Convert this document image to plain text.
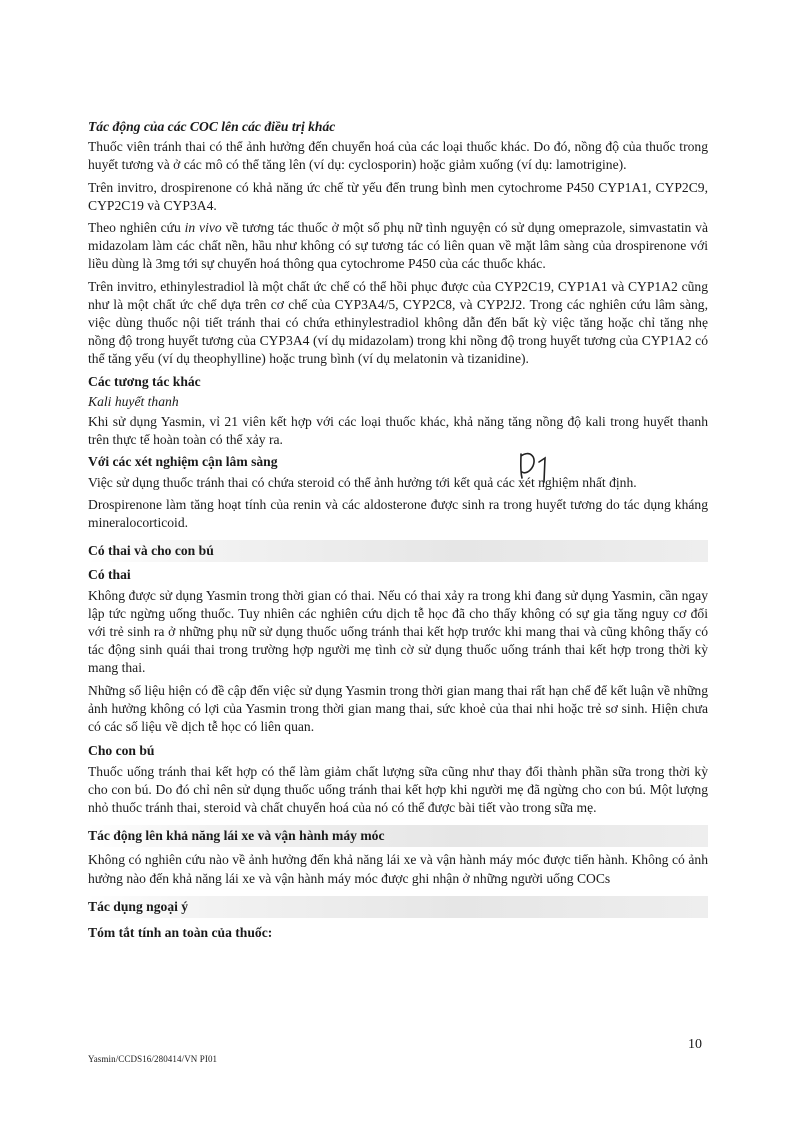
Tác động của các COC lên các điều trị khác

Thuốc viên tránh thai có thể ảnh hưởng đến chuyển hoá của các loại thuốc khác. Do đó, nồng độ của thuốc trong huyết tương và ở các mô có thể tăng lên (ví dụ: cyclosporin) hoặc giảm xuống (ví dụ: lamotrigine).

Trên invitro, drospirenone có khả năng ức chế từ yếu đến trung bình men cytochrome P450 CYP1A1, CYP2C9, CYP2C19 và CYP3A4.

Theo nghiên cứu in vivo về tương tác thuốc ở một số phụ nữ tình nguyện có sử dụng omeprazole, simvastatin và midazolam làm các chất nền, hầu như không có sự tương tác có liên quan về mặt lâm sàng của drospirenone với liều dùng là 3mg tới sự chuyển hoá thông qua cytochrome P450 của các thuốc khác.

Trên invitro, ethinylestradiol là một chất ức chế có thể hồi phục được của CYP2C19, CYP1A1 và CYP1A2 cũng như là một chất ức chế dựa trên cơ chế của CYP3A4/5, CYP2C8, và CYP2J2. Trong các nghiên cứu lâm sàng, việc dùng thuốc nội tiết tránh thai có chứa ethinylestradiol không dẫn đến bất kỳ việc tăng hoặc chỉ tăng nhẹ nồng độ trong huyết tương của CYP3A4 (ví dụ midazolam) trong khi nồng độ trong huyết tương của CYP1A2 có thể tăng yếu (ví dụ theophylline) hoặc trung bình (ví dụ melatonin và tizanidine).

Các tương tác khác
Kali huyết thanh

Khi sử dụng Yasmin, vỉ 21 viên kết hợp với các loại thuốc khác, khả năng tăng nồng độ kali trong huyết thanh trên thực tế hoàn toàn có thể xảy ra.

Với các xét nghiệm cận lâm sàng

Việc sử dụng thuốc tránh thai có chứa steroid có thể ảnh hưởng tới kết quả các xét nghiệm nhất định.

Drospirenone làm tăng hoạt tính của renin và các aldosterone được sinh ra trong huyết tương do tác dụng kháng mineralocorticoid.

Có thai và cho con bú
Có thai

Không được sử dụng Yasmin trong thời gian có thai. Nếu có thai xảy ra trong khi đang sử dụng Yasmin, cần ngay lập tức ngừng uống thuốc. Tuy nhiên các nghiên cứu dịch tễ học đã cho thấy không có sự gia tăng nguy cơ đối với trẻ sinh ra ở những phụ nữ sử dụng thuốc uống tránh thai kết hợp trước khi mang thai và cũng không thấy có tác động sinh quái thai trong trường hợp người mẹ tình cờ sử dụng thuốc uống tránh thai kết hợp trong thời kỳ mang thai.

Những số liệu hiện có đề cập đến việc sử dụng Yasmin trong thời gian mang thai rất hạn chế để kết luận về những ảnh hưởng không có lợi của Yasmin trong thời gian mang thai, sức khoẻ của thai nhi hoặc trẻ sơ sinh. Hiện chưa có các số liệu về dịch tễ học có liên quan.

Cho con bú

Thuốc uống tránh thai kết hợp có thể làm giảm chất lượng sữa cũng như thay đổi thành phần sữa trong thời kỳ cho con bú. Do đó chỉ nên sử dụng thuốc uống tránh thai kết hợp khi người mẹ đã ngừng cho con bú. Một lượng nhỏ thuốc tránh thai, steroid và chất chuyển hoá của nó có thể được bài tiết vào trong sữa mẹ.

Tác động lên khả năng lái xe và vận hành máy móc

Không có nghiên cứu nào về ảnh hưởng đến khả năng lái xe và vận hành máy móc được tiến hành. Không có ảnh hưởng nào đến khả năng lái xe và vận hành máy móc được ghi nhận ở những người uống COCs

Tác dụng ngoại ý
Tóm tắt tính an toàn của thuốc:
10
Yasmin/CCDS16/280414/VN PI01
